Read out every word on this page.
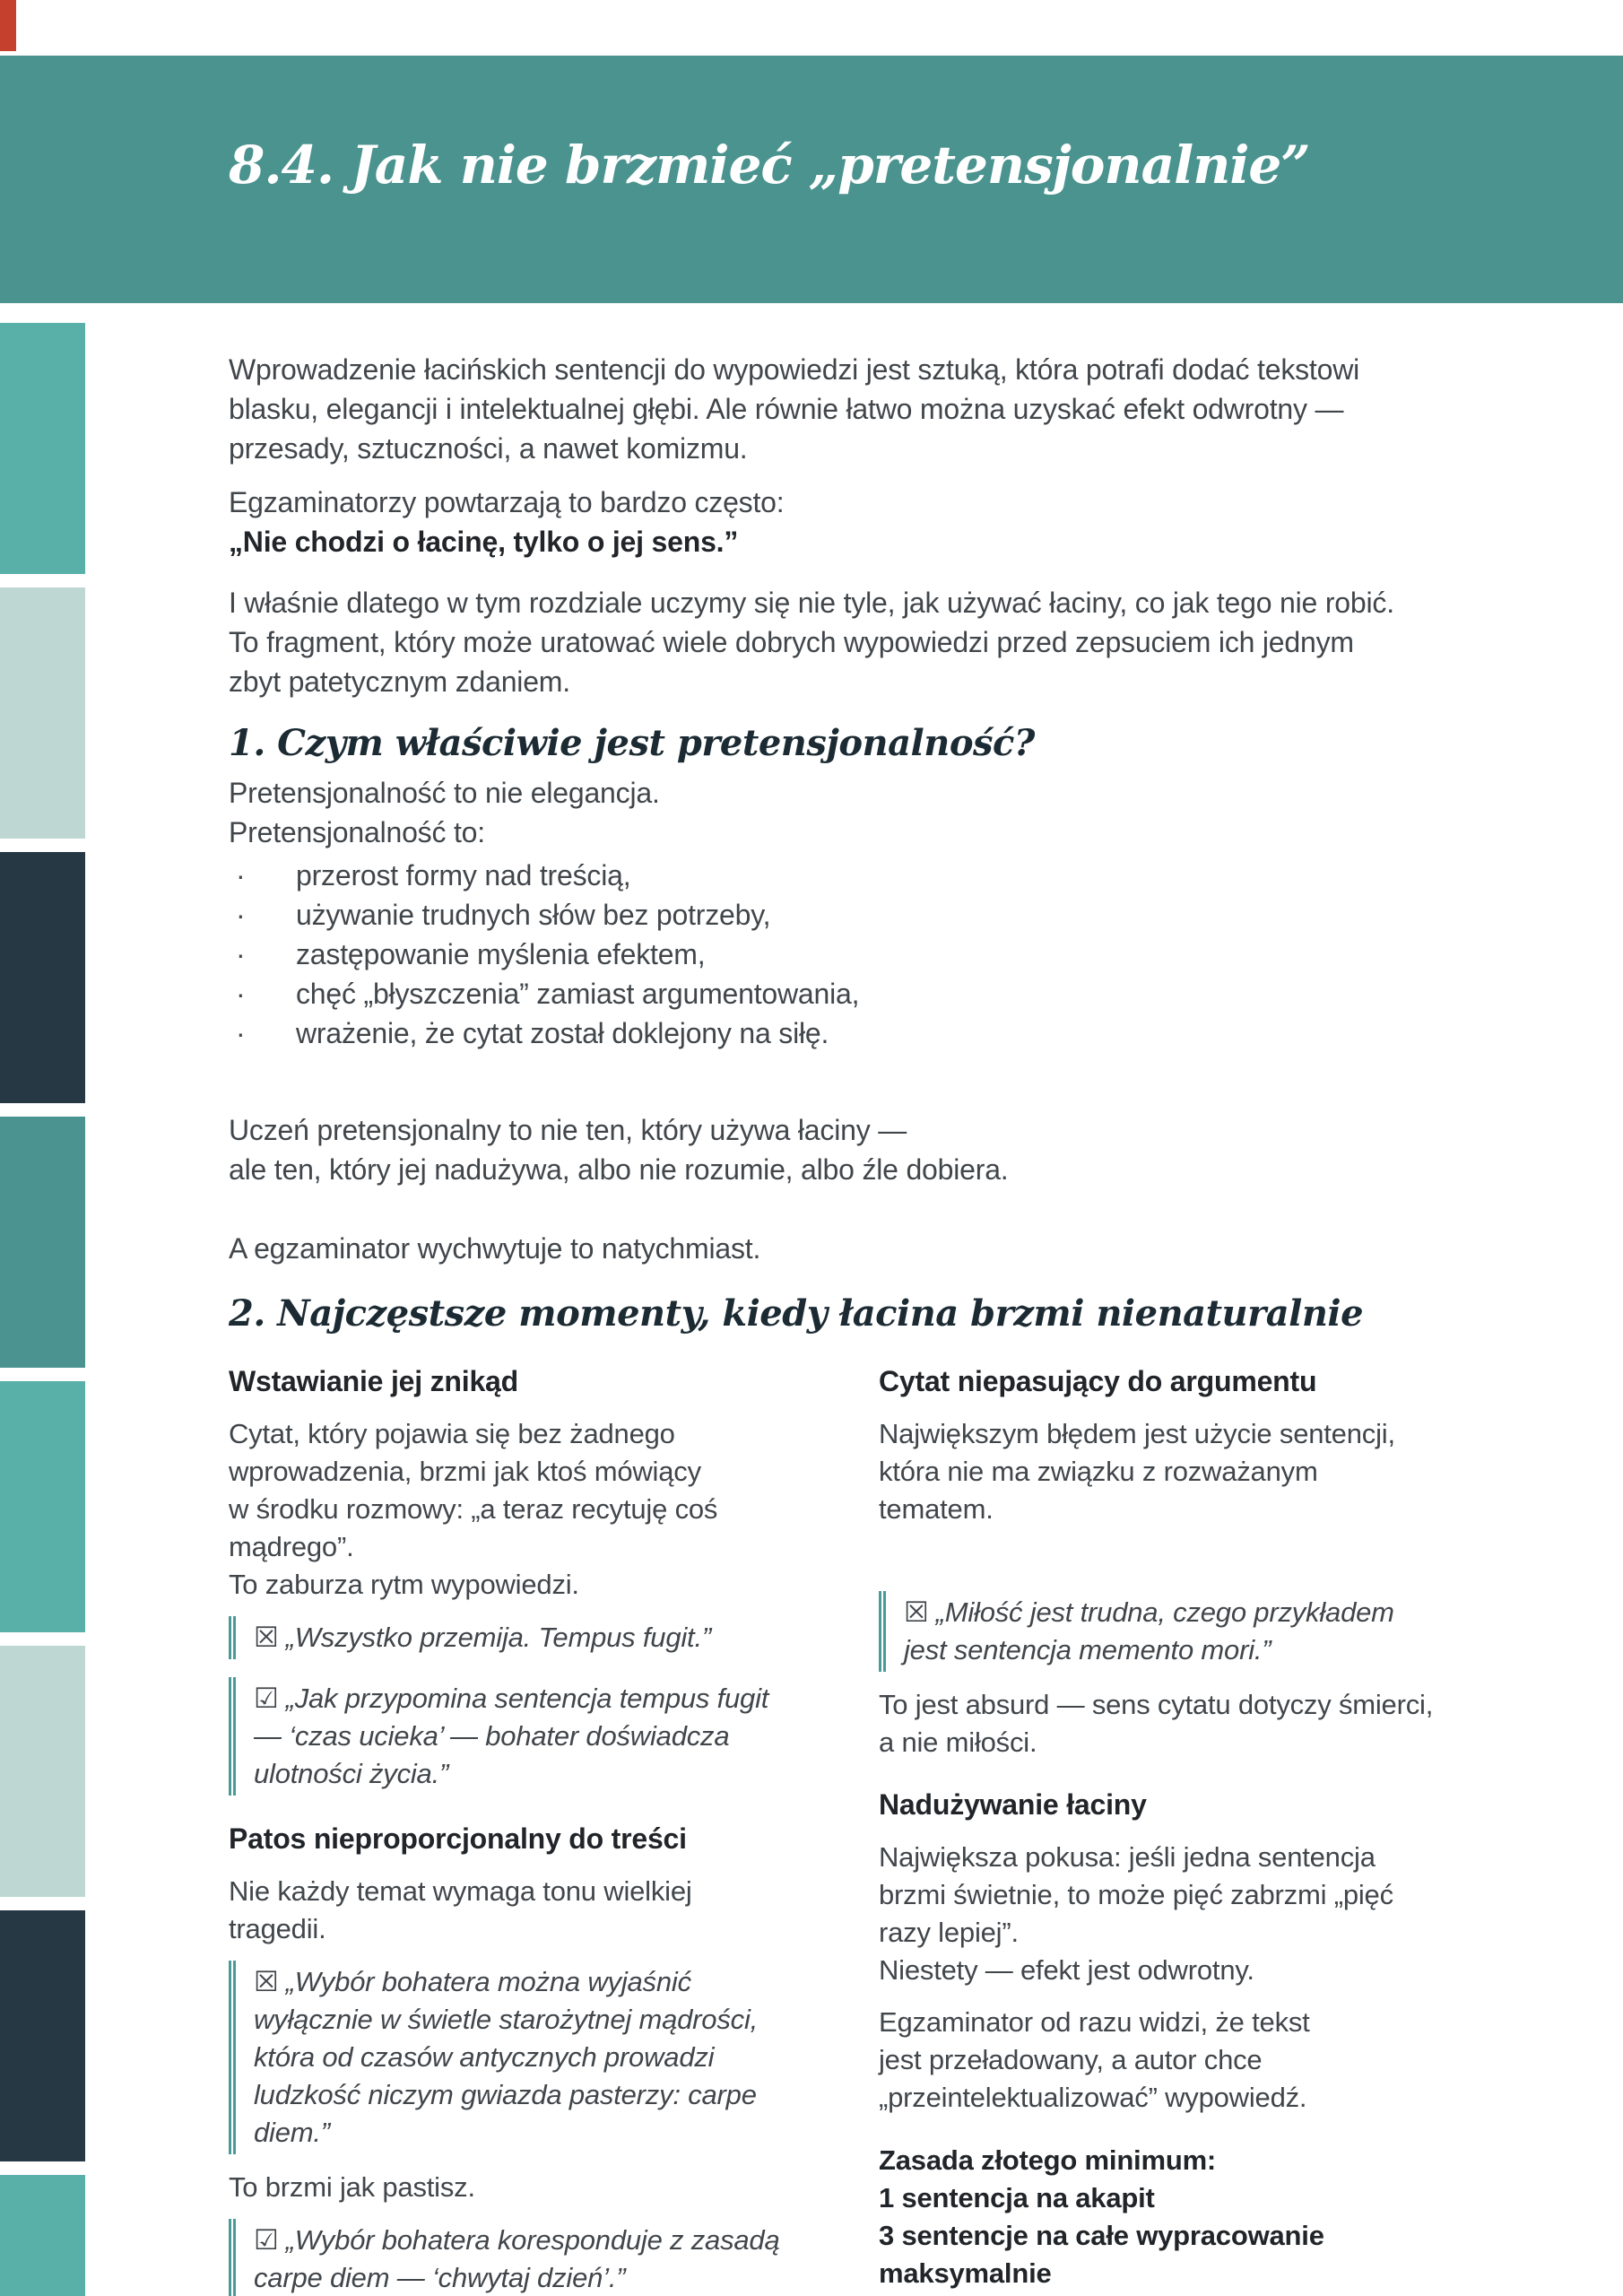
8.4. Jak nie brzmieć „pretensjonalnie”
Wprowadzenie łacińskich sentencji do wypowiedzi jest sztuką, która potrafi dodać tekstowi
blasku, elegancji i intelektualnej głębi. Ale równie łatwo można uzyskać efekt odwrotny —
przesady, sztuczności, a nawet komizmu.
Egzaminatorzy powtarzają to bardzo często:
„Nie chodzi o łacinę, tylko o jej sens.”
I właśnie dlatego w tym rozdziale uczymy się nie tyle, jak używać łaciny, co jak tego nie robić.
To fragment, który może uratować wiele dobrych wypowiedzi przed zepsuciem ich jednym
zbyt patetycznym zdaniem.
1. Czym właściwie jest pretensjonalność?
Pretensjonalność to nie elegancja.
Pretensjonalność to:
· przerost formy nad treścią,
· używanie trudnych słów bez potrzeby,
· zastępowanie myślenia efektem,
· chęć „błyszczenia” zamiast argumentowania,
· wrażenie, że cytat został doklejony na siłę.
Uczeń pretensjonalny to nie ten, który używa łaciny —
ale ten, który jej nadużywa, albo nie rozumie, albo źle dobiera.
A egzaminator wychwytuje to natychmiast.
2. Najczęstsze momenty, kiedy łacina brzmi nienaturalnie
Wstawianie jej znikąd
Cytat, który pojawia się bez żadnego
wprowadzenia, brzmi jak ktoś mówiący
w środku rozmowy: „a teraz recytuję coś
mądrego”.
To zaburza rytm wypowiedzi.
☒ „Wszystko przemija. Tempus fugit.”
☑ „Jak przypomina sentencja tempus fugit
— ‘czas ucieka’ — bohater doświadcza
ulotności życia.”
Patos nieproporcjonalny do treści
Nie każdy temat wymaga tonu wielkiej
tragedii.
☒ „Wybór bohatera można wyjaśnić
wyłącznie w świetle starożytnej mądrości,
która od czasów antycznych prowadzi
ludzkość niczym gwiazda pasterzy: carpe
diem.”
To brzmi jak pastisz.
☑ „Wybór bohatera koresponduje z zasadą
carpe diem — ‘chwytaj dzień’.”
Cytat niepasujący do argumentu
Największym błędem jest użycie sentencji,
która nie ma związku z rozważanym
tematem.
☒ „Miłość jest trudna, czego przykładem
jest sentencja memento mori.”
To jest absurd — sens cytatu dotyczy śmierci,
a nie miłości.
Nadużywanie łaciny
Największa pokusa: jeśli jedna sentencja
brzmi świetnie, to może pięć zabrzmi „pięć
razy lepiej”.
Niestety — efekt jest odwrotny.
Egzaminator od razu widzi, że tekst
jest przeładowany, a autor chce
„przeintelektualizować” wypowiedź.
Zasada złotego minimum:
1 sentencja na akapit
3 sentencje na całe wypracowanie
maksymalnie
